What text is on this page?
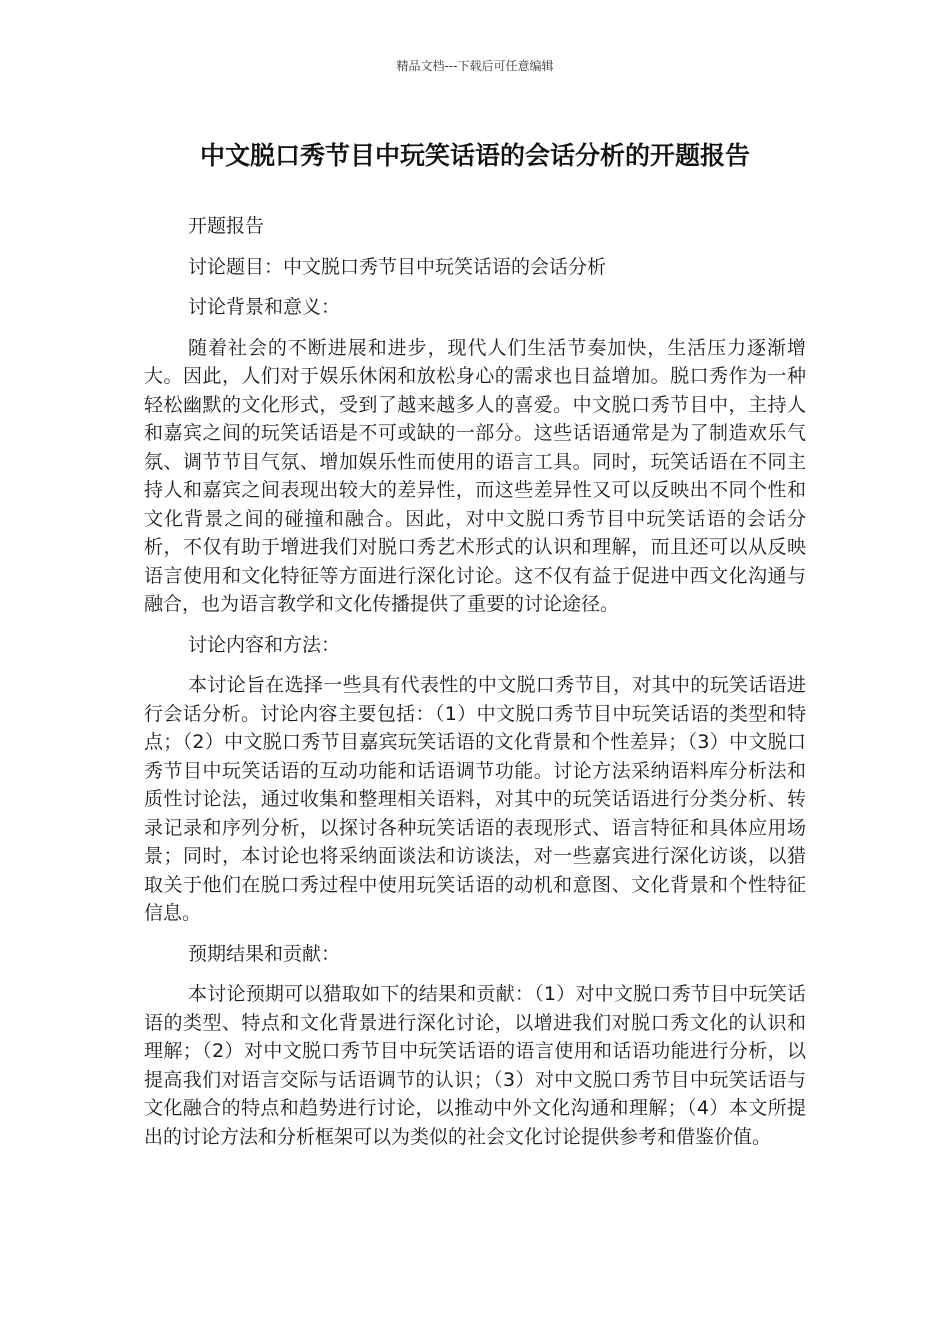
精品文档---下载后可任意编辑
中文脱口秀节目中玩笑话语的会话分析的开题报告

开题报告

讨论题目：中文脱口秀节目中玩笑话语的会话分析

讨论背景和意义：

随着社会的不断进展和进步，现代人们生活节奏加快，生活压力逐渐增大。因此，人们对于娱乐休闲和放松身心的需求也日益增加。脱口秀作为一种轻松幽默的文化形式，受到了越来越多人的喜爱。中文脱口秀节目中，主持人和嘉宾之间的玩笑话语是不可或缺的一部分。这些话语通常是为了制造欢乐气氛、调节节目气氛、增加娱乐性而使用的语言工具。同时，玩笑话语在不同主持人和嘉宾之间表现出较大的差异性，而这些差异性又可以反映出不同个性和文化背景之间的碰撞和融合。因此，对中文脱口秀节目中玩笑话语的会话分析，不仅有助于增进我们对脱口秀艺术形式的认识和理解，而且还可以从反映语言使用和文化特征等方面进行深化讨论。这不仅有益于促进中西文化沟通与融合，也为语言教学和文化传播提供了重要的讨论途径。

讨论内容和方法：

本讨论旨在选择一些具有代表性的中文脱口秀节目，对其中的玩笑话语进行会话分析。讨论内容主要包括：（1）中文脱口秀节目中玩笑话语的类型和特点；（2）中文脱口秀节目嘉宾玩笑话语的文化背景和个性差异；（3）中文脱口秀节目中玩笑话语的互动功能和话语调节功能。讨论方法采纳语料库分析法和质性讨论法，通过收集和整理相关语料，对其中的玩笑话语进行分类分析、转录记录和序列分析，以探讨各种玩笑话语的表现形式、语言特征和具体应用场景；同时，本讨论也将采纳面谈法和访谈法，对一些嘉宾进行深化访谈，以猎取关于他们在脱口秀过程中使用玩笑话语的动机和意图、文化背景和个性特征信息。

预期结果和贡献：

本讨论预期可以猎取如下的结果和贡献：（1）对中文脱口秀节目中玩笑话语的类型、特点和文化背景进行深化讨论，以增进我们对脱口秀文化的认识和理解；（2）对中文脱口秀节目中玩笑话语的语言使用和话语功能进行分析，以提高我们对语言交际与话语调节的认识；（3）对中文脱口秀节目中玩笑话语与文化融合的特点和趋势进行讨论，以推动中外文化沟通和理解；（4）本文所提出的讨论方法和分析框架可以为类似的社会文化讨论提供参考和借鉴价值。
